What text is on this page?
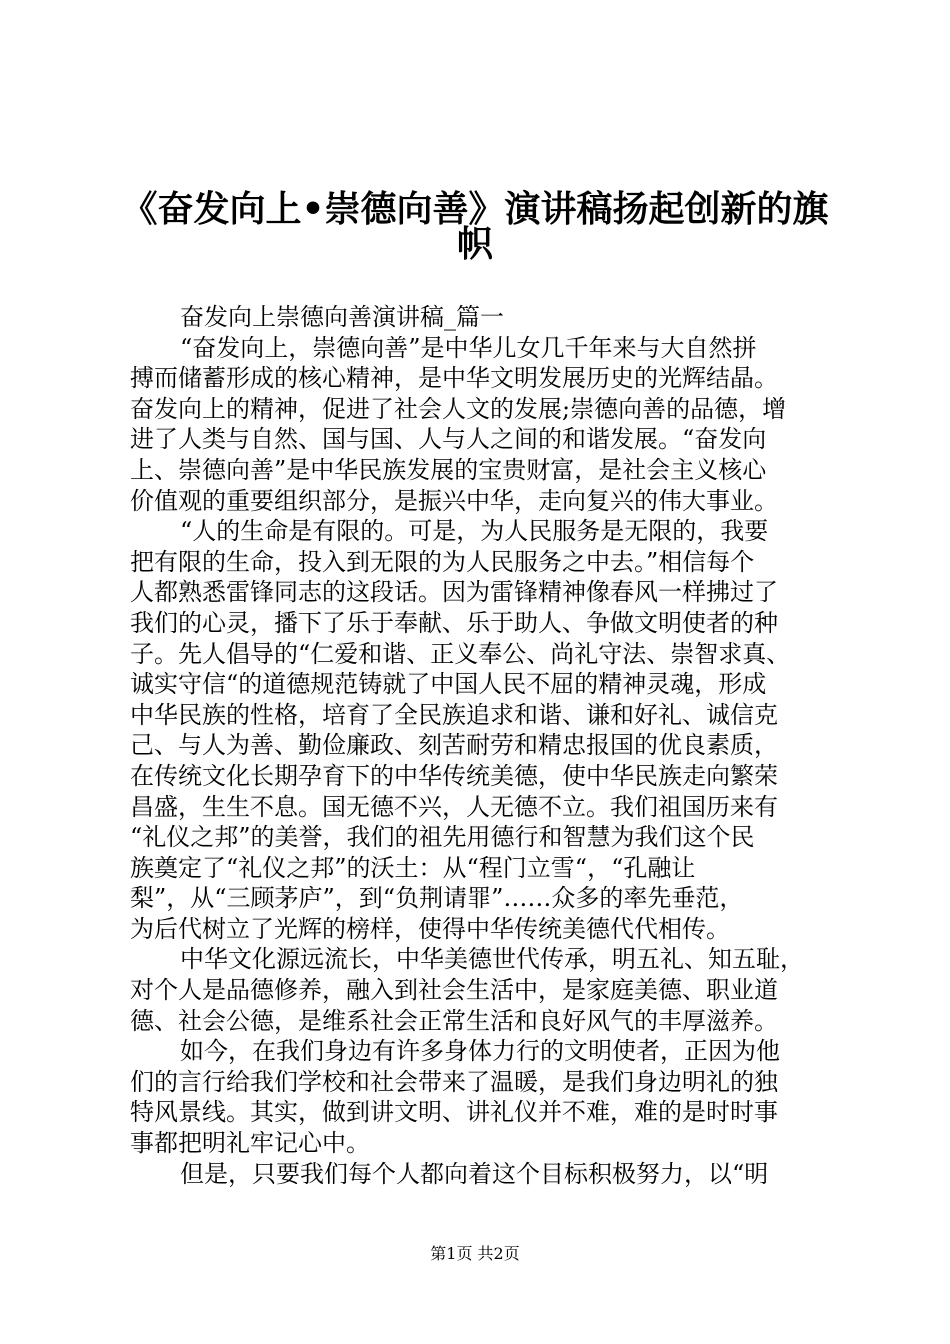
《奋发向上•崇德向善》演讲稿扬起创新的旗
帜
奋发向上崇德向善演讲稿_篇一
“奋发向上，崇德向善”是中华儿女几千年来与大自然拼
搏而储蓄形成的核心精神，是中华文明发展历史的光辉结晶。
奋发向上的精神，促进了社会人文的发展;崇德向善的品德，增
进了人类与自然、国与国、人与人之间的和谐发展。“奋发向
上、崇德向善”是中华民族发展的宝贵财富，是社会主义核心
价值观的重要组织部分，是振兴中华，走向复兴的伟大事业。
“人的生命是有限的。可是，为人民服务是无限的，我要
把有限的生命，投入到无限的为人民服务之中去。”相信每个
人都熟悉雷锋同志的这段话。因为雷锋精神像春风一样拂过了
我们的心灵，播下了乐于奉献、乐于助人、争做文明使者的种
子。先人倡导的“仁爱和谐、正义奉公、尚礼守法、崇智求真、
诚实守信“的道德规范铸就了中国人民不屈的精神灵魂，形成
中华民族的性格，培育了全民族追求和谐、谦和好礼、诚信克
己、与人为善、勤俭廉政、刻苦耐劳和精忠报国的优良素质，
在传统文化长期孕育下的中华传统美德，使中华民族走向繁荣
昌盛，生生不息。国无德不兴，人无德不立。我们祖国历来有
“礼仪之邦”的美誉，我们的祖先用德行和智慧为我们这个民
族奠定了“礼仪之邦”的沃土：从“程门立雪“，“孔融让
梨”，从“三顾茅庐”，到“负荆请罪”……众多的率先垂范，
为后代树立了光辉的榜样，使得中华传统美德代代相传。
中华文化源远流长，中华美德世代传承，明五礼、知五耻，
对个人是品德修养，融入到社会生活中，是家庭美德、职业道
德、社会公德，是维系社会正常生活和良好风气的丰厚滋养。
如今，在我们身边有许多身体力行的文明使者，正因为他
们的言行给我们学校和社会带来了温暖，是我们身边明礼的独
特风景线。其实，做到讲文明、讲礼仪并不难，难的是时时事
事都把明礼牢记心中。
但是，只要我们每个人都向着这个目标积极努力，以“明
第1页 共2页
